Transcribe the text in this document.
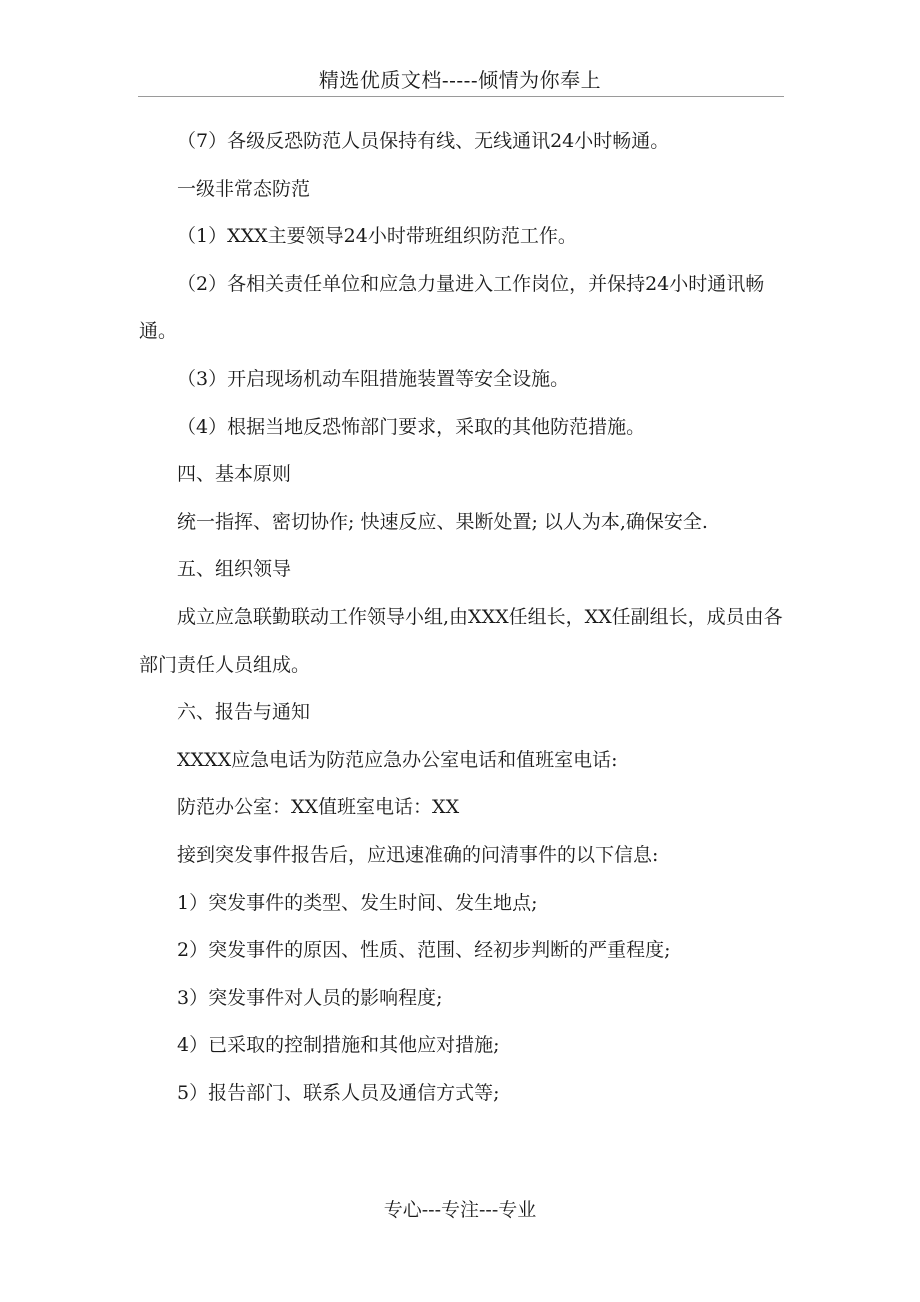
精选优质文档-----倾情为你奉上

（7）各级反恐防范人员保持有线、无线通讯24小时畅通。

一级非常态防范

（1）XXX主要领导24小时带班组织防范工作。

（2）各相关责任单位和应急力量进入工作岗位，并保持24小时通讯畅通。

（3）开启现场机动车阻措施装置等安全设施。

（4）根据当地反恐怖部门要求，采取的其他防范措施。

四、基本原则

统一指挥、密切协作; 快速反应、果断处置; 以人为本,确保安全.

五、组织领导

成立应急联勤联动工作领导小组,由XXX任组长，XX任副组长，成员由各部门责任人员组成。

六、报告与通知

XXXX应急电话为防范应急办公室电话和值班室电话:

防范办公室：XX值班室电话：XX

接到突发事件报告后，应迅速准确的问清事件的以下信息:

1）突发事件的类型、发生时间、发生地点;

2）突发事件的原因、性质、范围、经初步判断的严重程度;

3）突发事件对人员的影响程度;

4）已采取的控制措施和其他应对措施;

5）报告部门、联系人员及通信方式等;

专心---专注---专业
